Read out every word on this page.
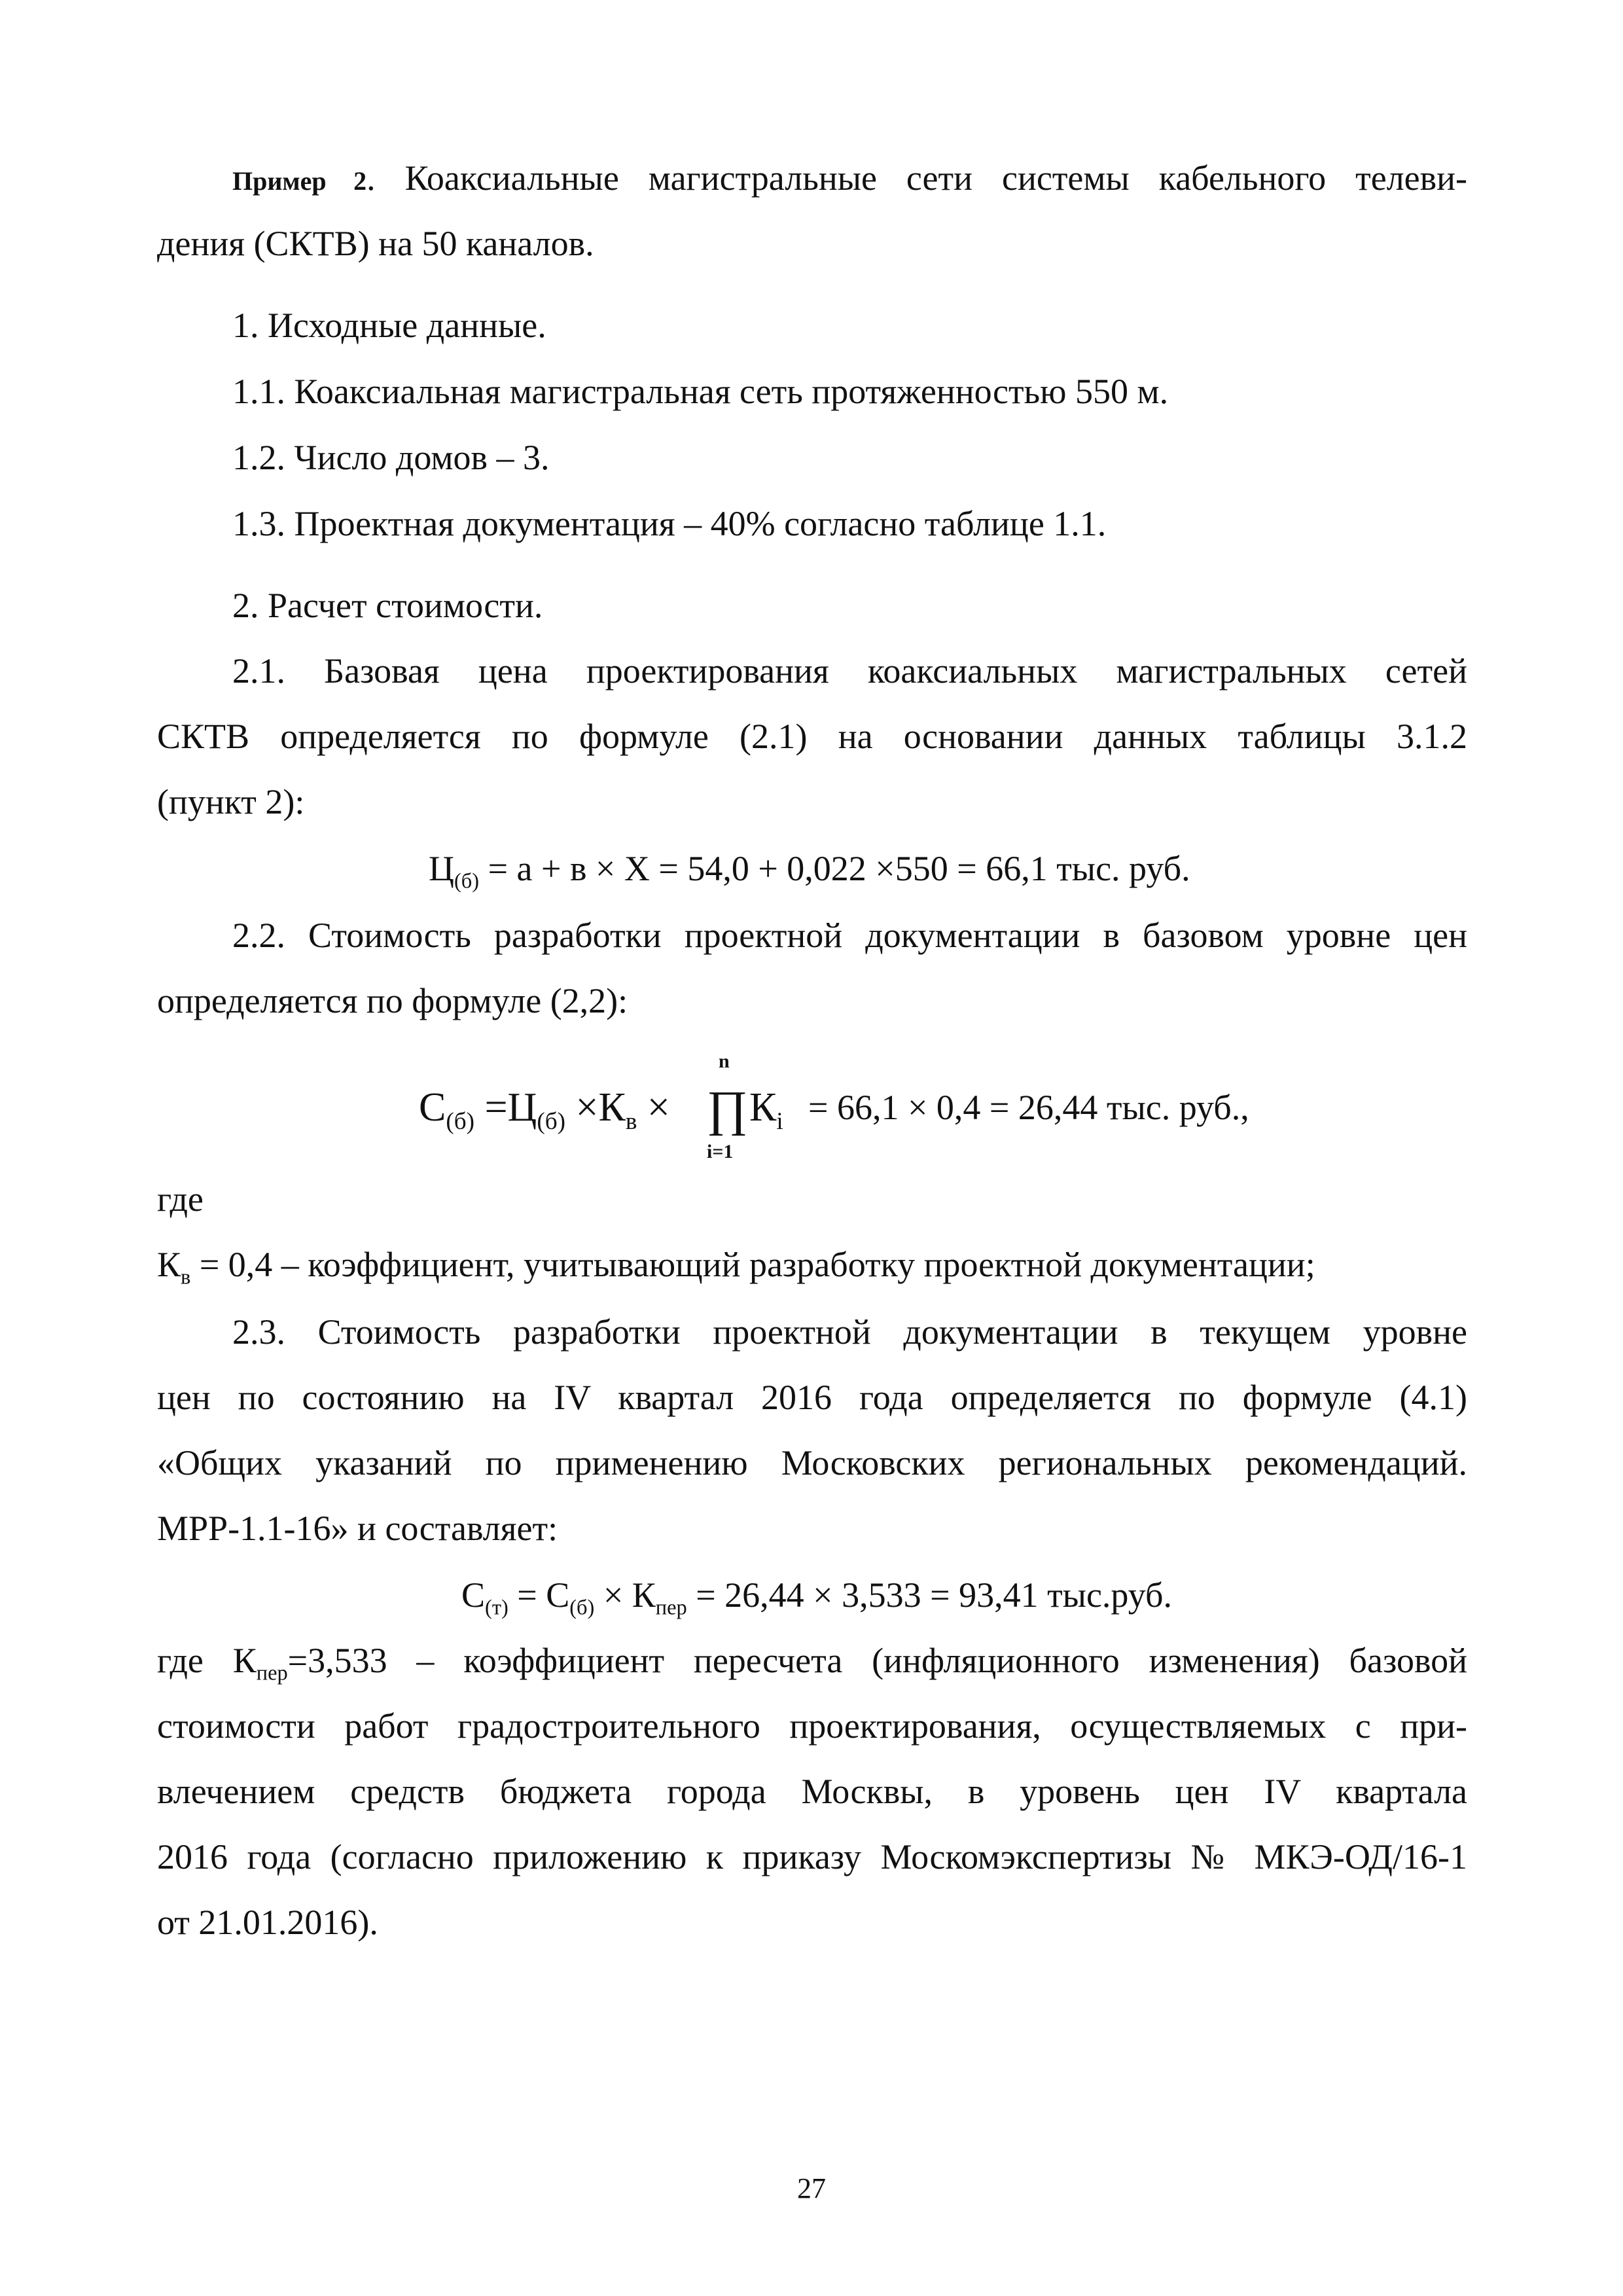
Пример 2. Коаксиальные магистральные сети системы кабельного телеви-
дения (СКТВ) на 50 каналов.
1. Исходные данные.
1.1. Коаксиальная магистральная сеть протяженностью 550 м.
1.2. Число домов – 3.
1.3. Проектная документация – 40% согласно таблице 1.1.
2. Расчет стоимости.
2.1. Базовая цена проектирования коаксиальных магистральных сетей
СКТВ определяется по формуле (2.1) на основании данных таблицы 3.1.2
(пункт 2):
$Ц_{(б)} = а + в \times Х = 54,0 + 0,022 \times 550 = 66,1$ тыс. руб.
2.2. Стоимость разработки проектной документации в базовом уровне цен
определяется по формуле (2,2):
$С_{(б)} =Ц_{(б)} \times К_в$ ×
n
∏
i=1
$К_i = 66,1 \times 0,4 = 26,44$ тыс. руб.,
где
$К_в = 0,4$ – коэффициент, учитывающий разработку проектной документации;
2.3. Стоимость разработки проектной документации в текущем уровне
цен по состоянию на IV квартал 2016 года определяется по формуле (4.1)
«Общих указаний по применению Московских региональных рекомендаций.
МРР-1.1-16» и составляет:
$С_{(т)} = С_{(б)} \times К_{пер} = 26,44 \times 3,533 = 93,41$ тыс.руб.
где $К_{пер}=3,533$ – коэффициент пересчета (инфляционного изменения) базовой
стоимости работ градостроительного проектирования, осуществляемых с при-
влечением средств бюджета города Москвы, в уровень цен IV квартала
2016 года (согласно приложению к приказу Москомэкспертизы № МКЭ-ОД/16-1
от 21.01.2016).
27
